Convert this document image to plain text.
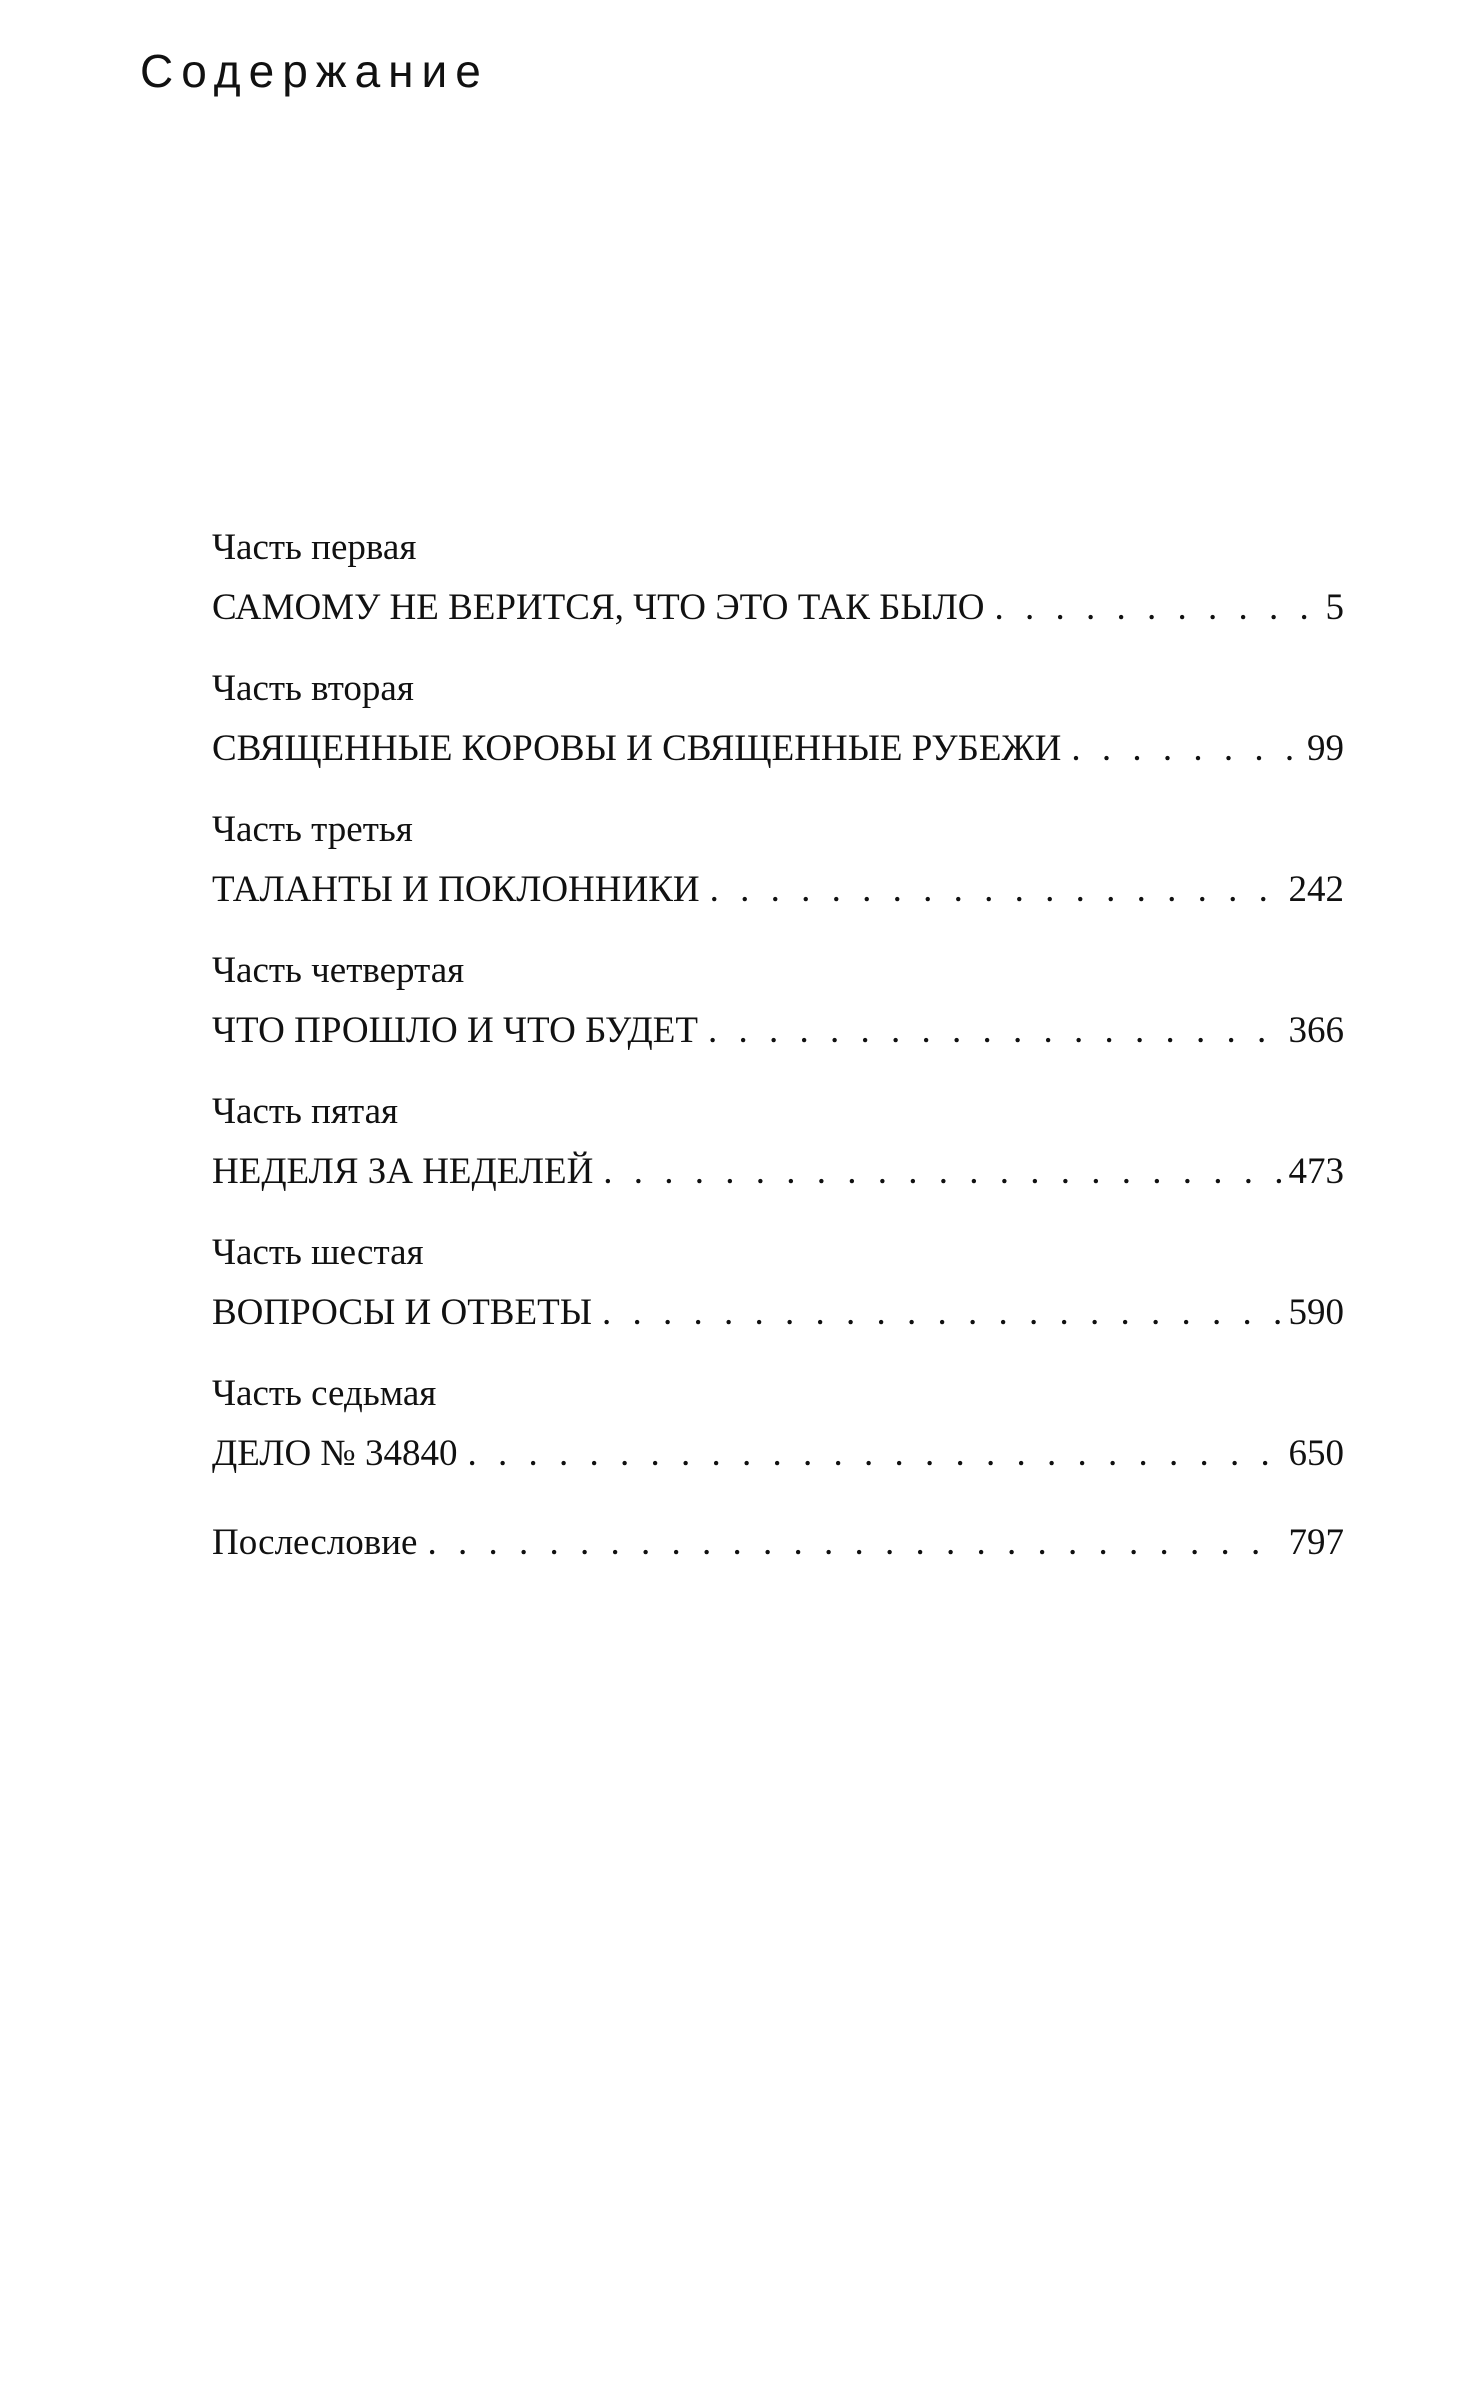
Содержание
Часть первая
САМОМУ НЕ ВЕРИТСЯ, ЧТО ЭТО ТАК БЫЛО . . .	5
Часть вторая
СВЯЩЕННЫЕ КОРОВЫ И СВЯЩЕННЫЕ РУБЕЖИ . . .	99
Часть третья
ТАЛАНТЫ И ПОКЛОННИКИ . . .	242
Часть четвертая
ЧТО ПРОШЛО И ЧТО БУДЕТ . . .	366
Часть пятая
НЕДЕЛЯ ЗА НЕДЕЛЕЙ . . .	473
Часть шестая
ВОПРОСЫ И ОТВЕТЫ . . .	590
Часть седьмая
ДЕЛО № 34840 . . .	650
Послесловие . . .	797
